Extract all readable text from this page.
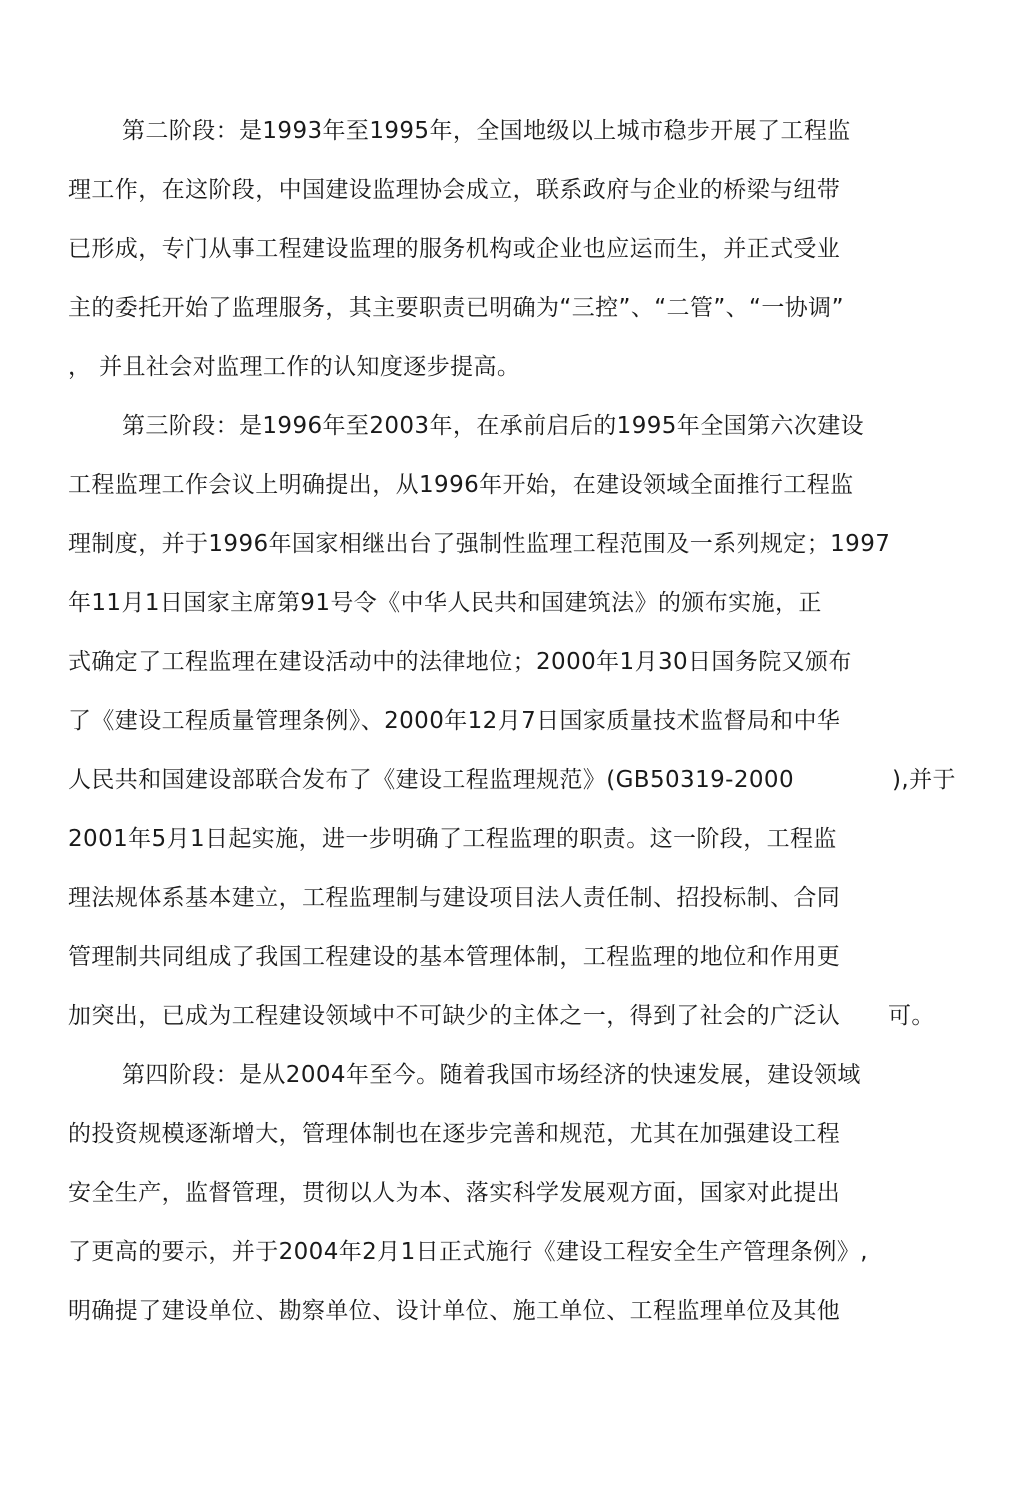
第二阶段：是1993年至1995年，全国地级以上城市稳步开展了工程监
理工作，在这阶段，中国建设监理协会成立，联系政府与企业的桥梁与纽带
已形成，专门从事工程建设监理的服务机构或企业也应运而生，并正式受业
主的委托开始了监理服务，其主要职责已明确为“三控”、“二管”、“一协调”
， 并且社会对监理工作的认知度逐步提高。
第三阶段：是1996年至2003年，在承前启后的1995年全国第六次建设
工程监理工作会议上明确提出，从1996年开始，在建设领域全面推行工程监
理制度，并于1996年国家相继出台了强制性监理工程范围及一系列规定；1997
年11月1日国家主席第91号令《中华人民共和国建筑法》的颁布实施，正
式确定了工程监理在建设活动中的法律地位；2000年1月30日国务院又颁布
了《建设工程质量管理条例》、2000年12月7日国家质量技术监督局和中华
人民共和国建设部联合发布了《建设工程监理规范》(GB50319-2000	),并于
2001年5月1日起实施，进一步明确了工程监理的职责。这一阶段，工程监
理法规体系基本建立，工程监理制与建设项目法人责任制、招投标制、合同
管理制共同组成了我国工程建设的基本管理体制，工程监理的地位和作用更
加突出，已成为工程建设领域中不可缺少的主体之一，得到了社会的广泛认 可。
第四阶段：是从2004年至今。随着我国市场经济的快速发展，建设领域
的投资规模逐渐增大，管理体制也在逐步完善和规范，尤其在加强建设工程
安全生产，监督管理，贯彻以人为本、落实科学发展观方面，国家对此提出
了更高的要示，并于2004年2月1日正式施行《建设工程安全生产管理条例》,
明确提了建设单位、勘察单位、设计单位、施工单位、工程监理单位及其他
